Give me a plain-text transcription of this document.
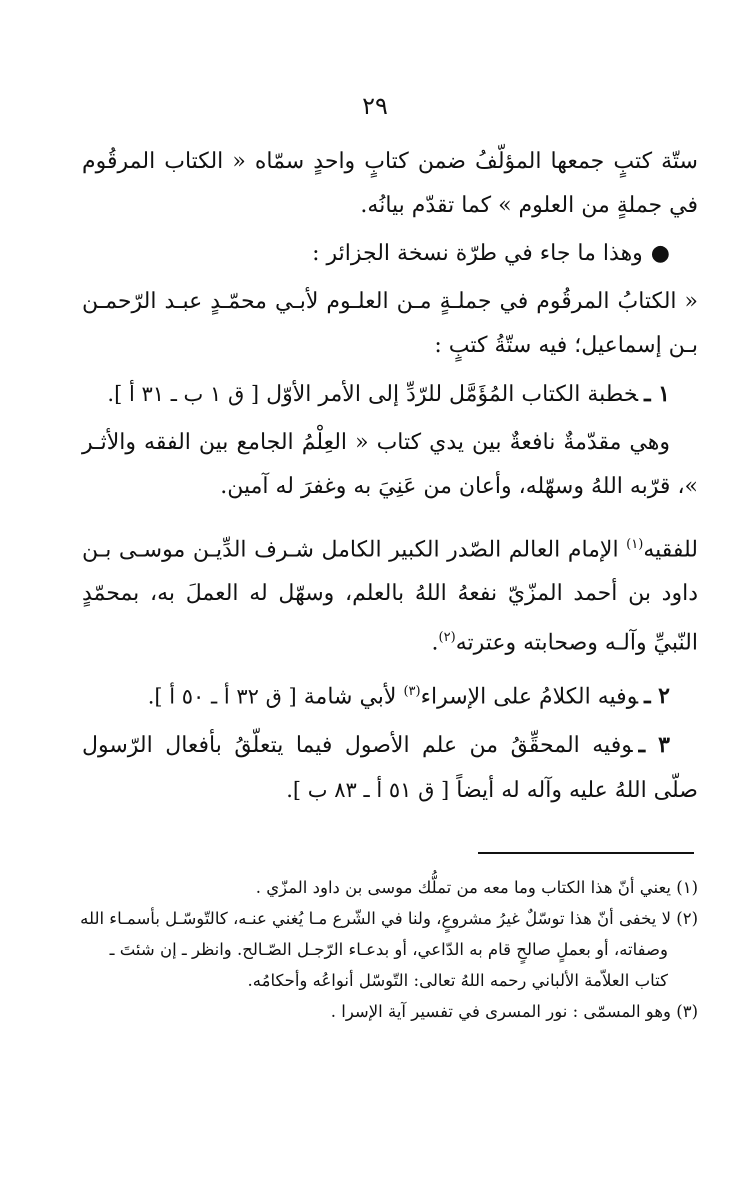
٢٩

ستّة كتبٍ جمعها المؤلّفُ ضمن كتابٍ واحدٍ سمّاه « الكتاب المرقُوم في جملةٍ من العلوم » كما تقدّم بيانُه.

●وهذا ما جاء في طرّة نسخة الجزائر :

« الكتابُ المرقُوم في جملـةٍ مـن العلـوم لأبـي محمّـدٍ عبـد الرّحمـن بـن إسماعيل؛ فيه ستّةُ كتبٍ :

١ ـخطبة الكتاب المُؤَمَّل للرّدِّ إلى الأمر الأوّل [ ق ١ ب ـ ٣١ أ ].

وهي مقدّمةٌ نافعةٌ بين يدي كتاب « العِلْمُ الجامع بين الفقه والأثـر »، قرّبه اللهُ وسهّله، وأعان من عَنِيَ به وغفرَ له آمين.

للفقيه$^{(١)}$ الإمام العالم الصّدر الكبير الكامل شـرف الدِّيـن موسـى بـن داود بن أحمد المزّيّ نفعهُ اللهُ بالعلم، وسهّل له العملَ به، بمحمّدٍ النّبيِّ وآلـه وصحابته وعترته$^{(٢)}$.

٢ ـوفيه الكلامُ على الإسراء$^{(٣)}$ لأبي شامة [ ق ٣٢ أ ـ ٥٠ أ ].

٣ ـوفيه المحقِّقُ من علم الأصول فيما يتعلّقُ بأفعال الرّسول صلّى اللهُ عليه وآله له أيضاً [ ق ٥١ أ ـ ٨٣ ب ].

(١) يعني أنّ هذا الكتاب وما معه من تملُّك موسى بن داود المزّي .

(٢) لا يخفى أنّ هذا توسّلٌ غيرُ مشروعٍ، ولنا في الشّرع مـا يُغني عنـه، كالتّوسّـل بأسمـاء الله

وصفاته، أو بعملٍ صالحٍ قام به الدّاعي، أو بدعـاء الرّجـل الصّـالح. وانظر ـ إن شئتَ ـ

كتاب العلاّمة الألباني رحمه اللهُ تعالى: التّوسّل أنواعُه وأحكامُه.

(٣) وهو المسمّى : نور المسرى في تفسير آية الإسرا .
